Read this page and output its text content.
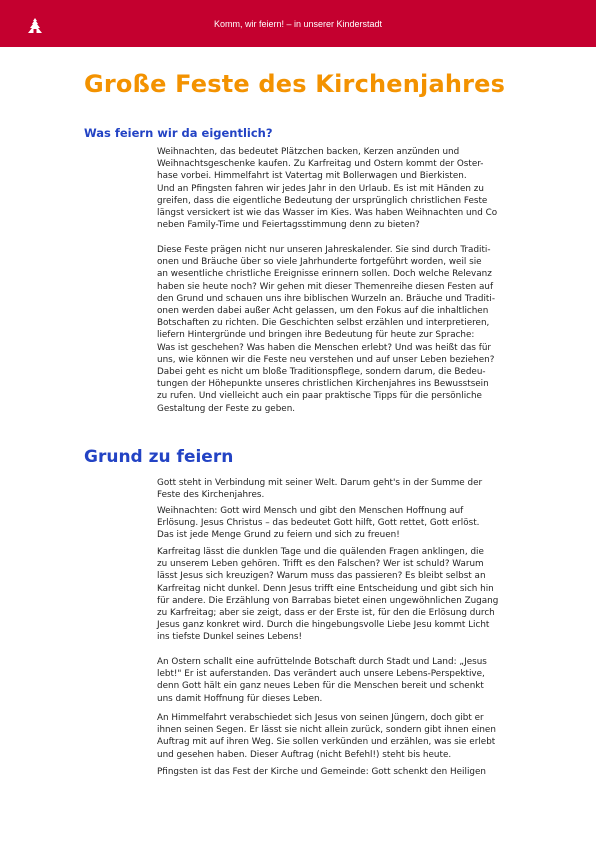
Komm, wir feiern! – in unserer Kinderstadt
Große Feste des Kirchenjahres
Was feiern wir da eigentlich?
Weihnachten, das bedeutet Plätzchen backen, Kerzen anzünden und
Weihnachtsgeschenke kaufen. Zu Karfreitag und Ostern kommt der Oster-
hase vorbei. Himmelfahrt ist Vatertag mit Bollerwagen und Bierkisten.
Und an Pfingsten fahren wir jedes Jahr in den Urlaub. Es ist mit Händen zu
greifen, dass die eigentliche Bedeutung der ursprünglich christlichen Feste
längst versickert ist wie das Wasser im Kies. Was haben Weihnachten und Co
neben Family-Time und Feiertagsstimmung denn zu bieten?
Diese Feste prägen nicht nur unseren Jahreskalender. Sie sind durch Traditi-
onen und Bräuche über so viele Jahrhunderte fortgeführt worden, weil sie
an wesentliche christliche Ereignisse erinnern sollen. Doch welche Relevanz
haben sie heute noch? Wir gehen mit dieser Themenreihe diesen Festen auf
den Grund und schauen uns ihre biblischen Wurzeln an. Bräuche und Traditi-
onen werden dabei außer Acht gelassen, um den Fokus auf die inhaltlichen
Botschaften zu richten. Die Geschichten selbst erzählen und interpretieren,
liefern Hintergründe und bringen ihre Bedeutung für heute zur Sprache:
Was ist geschehen? Was haben die Menschen erlebt? Und was heißt das für
uns, wie können wir die Feste neu verstehen und auf unser Leben beziehen?
Dabei geht es nicht um bloße Traditionspflege, sondern darum, die Bedeu-
tungen der Höhepunkte unseres christlichen Kirchenjahres ins Bewusstsein
zu rufen. Und vielleicht auch ein paar praktische Tipps für die persönliche
Gestaltung der Feste zu geben.
Grund zu feiern
Gott steht in Verbindung mit seiner Welt. Darum geht's in der Summe der
Feste des Kirchenjahres.
Weihnachten: Gott wird Mensch und gibt den Menschen Hoffnung auf
Erlösung. Jesus Christus – das bedeutet Gott hilft, Gott rettet, Gott erlöst.
Das ist jede Menge Grund zu feiern und sich zu freuen!
Karfreitag lässt die dunklen Tage und die quälenden Fragen anklingen, die
zu unserem Leben gehören. Trifft es den Falschen? Wer ist schuld? Warum
lässt Jesus sich kreuzigen? Warum muss das passieren? Es bleibt selbst an
Karfreitag nicht dunkel. Denn Jesus trifft eine Entscheidung und gibt sich hin
für andere. Die Erzählung von Barrabas bietet einen ungewöhnlichen Zugang
zu Karfreitag; aber sie zeigt, dass er der Erste ist, für den die Erlösung durch
Jesus ganz konkret wird. Durch die hingebungsvolle Liebe Jesu kommt Licht
ins tiefste Dunkel seines Lebens!
An Ostern schallt eine aufrüttelnde Botschaft durch Stadt und Land: „Jesus
lebt!" Er ist auferstanden. Das verändert auch unsere Lebens-Perspektive,
denn Gott hält ein ganz neues Leben für die Menschen bereit und schenkt
uns damit Hoffnung für dieses Leben.
An Himmelfahrt verabschiedet sich Jesus von seinen Jüngern, doch gibt er
ihnen seinen Segen. Er lässt sie nicht allein zurück, sondern gibt ihnen einen
Auftrag mit auf ihren Weg. Sie sollen verkünden und erzählen, was sie erlebt
und gesehen haben. Dieser Auftrag (nicht Befehl!) steht bis heute.
Pfingsten ist das Fest der Kirche und Gemeinde: Gott schenkt den Heiligen
